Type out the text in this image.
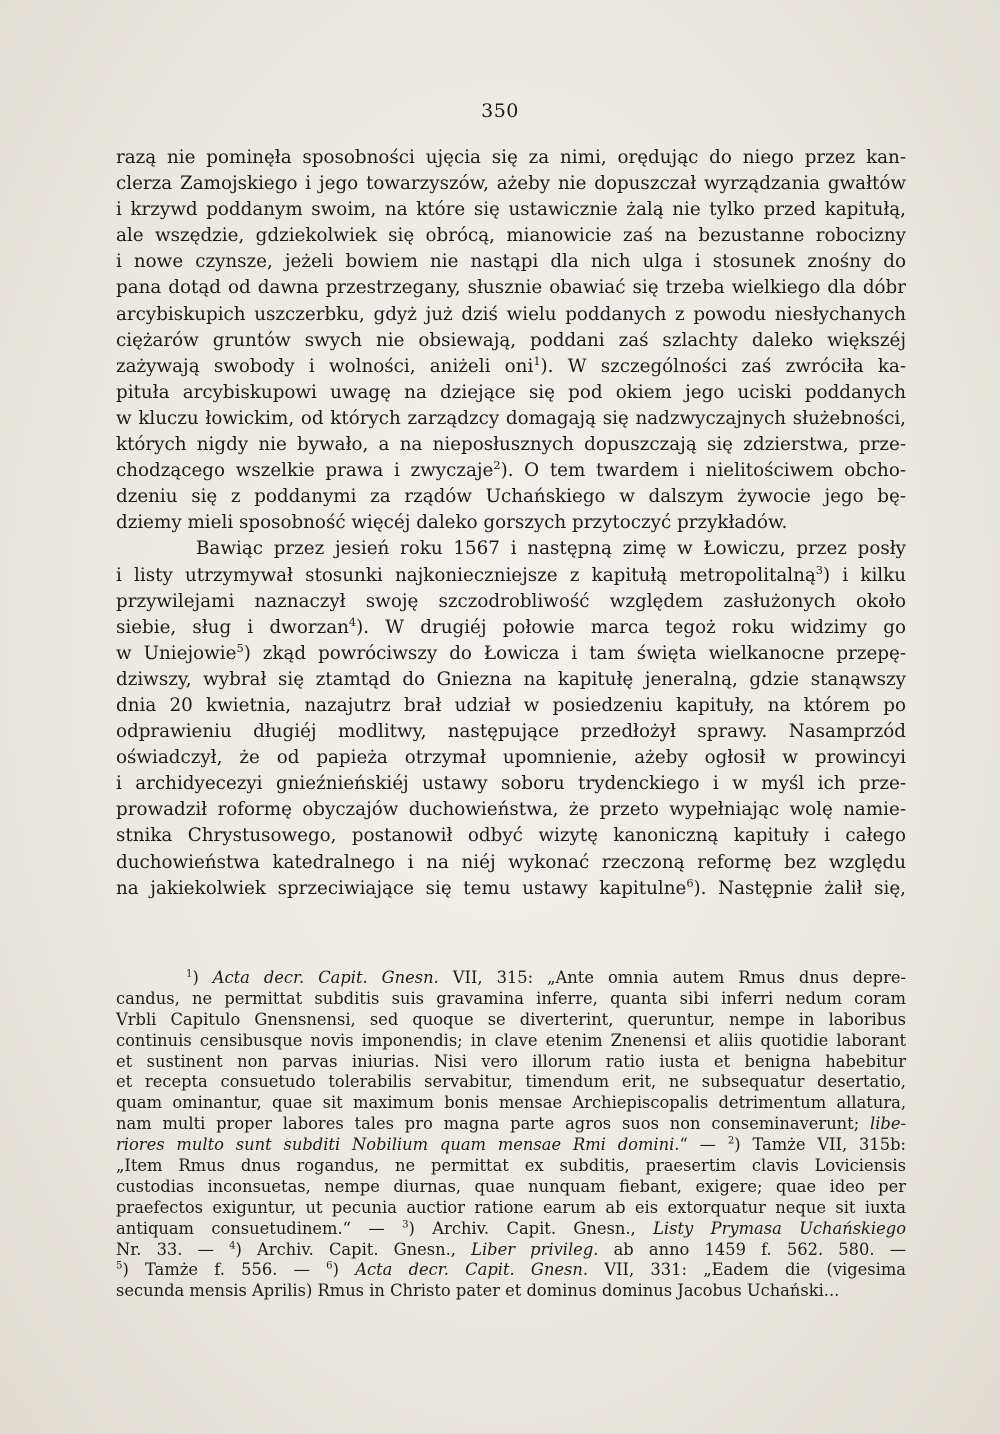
350
razą nie pominęła sposobności ujęcia się za nimi, orędując do niego przez kan-
clerza Zamojskiego i jego towarzyszów, ażeby nie dopuszczał wyrządzania gwałtów
i krzywd poddanym swoim, na które się ustawicznie żalą nie tylko przed kapitułą,
ale wszędzie, gdziekolwiek się obrócą, mianowicie zaś na bezustanne robocizny
i nowe czynsze, jeżeli bowiem nie nastąpi dla nich ulga i stosunek znośny do
pana dotąd od dawna przestrzegany, słusznie obawiać się trzeba wielkiego dla dóbr
arcybiskupich uszczerbku, gdyż już dziś wielu poddanych z powodu niesłychanych
ciężarów gruntów swych nie obsiewają, poddani zaś szlachty daleko większéj
zażywają swobody i wolności, aniżeli oni$^1$). W szczególności zaś zwróciła ka-
pituła arcybiskupowi uwagę na dziejące się pod okiem jego uciski poddanych
w kluczu łowickim, od których zarządzcy domagają się nadzwyczajnych służebności,
których nigdy nie bywało, a na nieposłusznych dopuszczają się zdzierstwa, prze-
chodzącego wszelkie prawa i zwyczaje$^2$). O tem twardem i nielitościwem obcho-
dzeniu się z poddanymi za rządów Uchańskiego w dalszym żywocie jego bę-
dziemy mieli sposobność więcéj daleko gorszych przytoczyć przykładów.
Bawiąc przez jesień roku 1567 i następną zimę w Łowiczu, przez posły
i listy utrzymywał stosunki najkonieczniejsze z kapitułą metropolitalną$^3$) i kilku
przywilejami naznaczył swoję szczodrobliwość względem zasłużonych około
siebie, sług i dworzan$^4$). W drugiéj połowie marca tegoż roku widzimy go
w Uniejowie$^5$) zkąd powróciwszy do Łowicza i tam święta wielkanocne przepę-
dziwszy, wybrał się ztamtąd do Gniezna na kapitułę jeneralną, gdzie stanąwszy
dnia 20 kwietnia, nazajutrz brał udział w posiedzeniu kapituły, na którem po
odprawieniu długiéj modlitwy, następujące przedłożył sprawy. Nasamprzód
oświadczył, że od papieża otrzymał upomnienie, ażeby ogłosił w prowincyi
i archidyecezyi gnieźnieńskiéj ustawy soboru trydenckiego i w myśl ich prze-
prowadził roformę obyczajów duchowieństwa, że przeto wypełniając wolę namie-
stnika Chrystusowego, postanowił odbyć wizytę kanoniczną kapituły i całego
duchowieństwa katedralnego i na niéj wykonać rzeczoną reformę bez względu
na jakiekolwiek sprzeciwiające się temu ustawy kapitulne$^6$). Następnie żalił się,
$^1$) Acta decr. Capit. Gnesn. VII, 315: „Ante omnia autem Rmus dnus depre-
candus, ne permittat subditis suis gravamina inferre, quanta sibi inferri nedum coram
Vrbli Capitulo Gnensnensi, sed quoque se diverterint, queruntur, nempe in laboribus
continuis censibusque novis imponendis; in clave etenim Znenensi et aliis quotidie laborant
et sustinent non parvas iniurias. Nisi vero illorum ratio iusta et benigna habebitur
et recepta consuetudo tolerabilis servabitur, timendum erit, ne subsequatur desertatio,
quam ominantur, quae sit maximum bonis mensae Archiepiscopalis detrimentum allatura,
nam multi proper labores tales pro magna parte agros suos non conseminaverunt; libe-
riores multo sunt subditi Nobilium quam mensae Rmi domini.“ — $^2$) Tamże VII, 315b:
„Item Rmus dnus rogandus, ne permittat ex subditis, praesertim clavis Loviciensis
custodias inconsuetas, nempe diurnas, quae nunquam fiebant, exigere; quae ideo per
praefectos exiguntur, ut pecunia auctior ratione earum ab eis extorquatur neque sit iuxta
antiquam consuetudinem.“ — $^3$) Archiv. Capit. Gnesn., Listy Prymasa Uchańskiego
Nr. 33. — $^4$) Archiv. Capit. Gnesn., Liber privileg. ab anno 1459 f. 562. 580. —
$^5$) Tamże f. 556. — $^6$) Acta decr. Capit. Gnesn. VII, 331: „Eadem die (vigesima
secunda mensis Aprilis) Rmus in Christo pater et dominus dominus Jacobus Uchański...
